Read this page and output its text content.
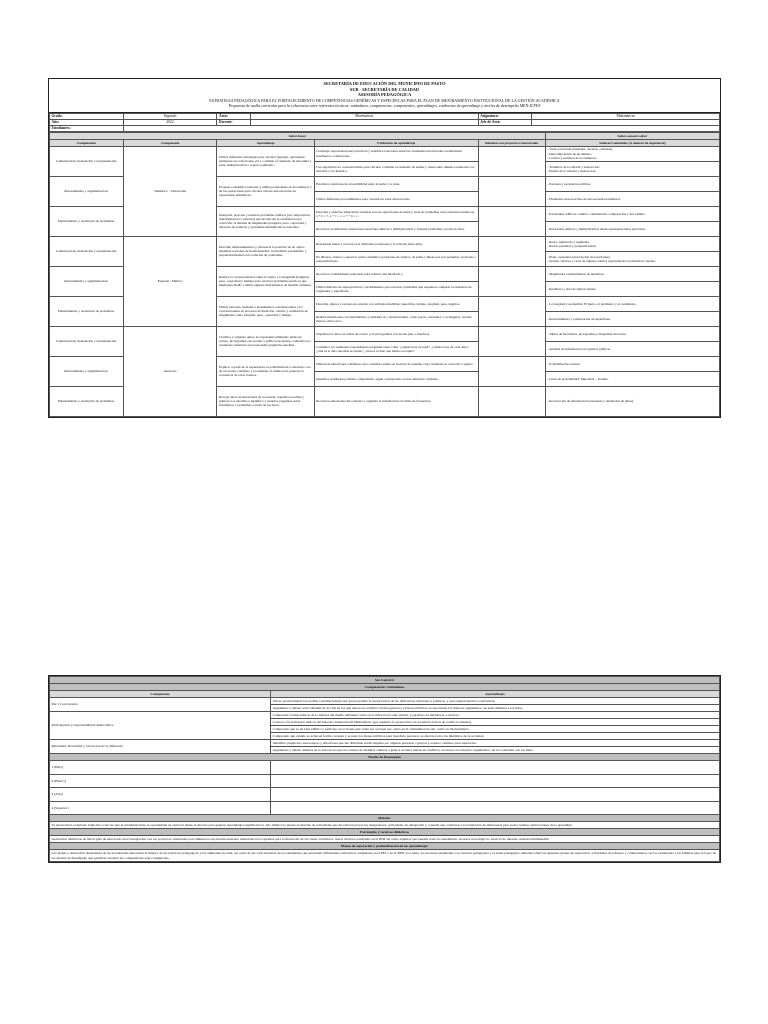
SECRETARÍA DE EDUCACIÓN DEL MUNICIPIO DE PASTO
SUB - SECRETARÍA DE CALIDAD
ASESORÍA PEDAGÓGICA
ESTRATEGIA PEDAGÓGICA PARA EL FORTALECIMIENTO DE COMPETENCIAS GENÉRICAS Y ESPECÍFICAS PARA EL PLAN DE MEJORAMIENTO INSTITUCIONAL DE LA GESTIÓN ACADÉMICA
Propuesta de malla curricular para la coherencia entre referentes técnicos: estándares, competencias, componentes, aprendizajes, evidencias de aprendizaje y niveles de desempeño MEN-ICFES
Grado:	Segundo	Área:	Matemáticas	Asignatura:	Matemáticas
Año:	2022	Docente:		Jefe de Área:	
Estudiantes:					
Saber-hacer					Saber-conocer-saber
Competencia	Componente	Aprendizaje	Evidencias de aprendizaje	Relación con proyectos transversales	Saberes/Contenidos (A manera de sugerencia)
Comunicación, modelación y representación.	Numérico - Variacional	Utiliza diferentes estrategias para calcular (agrupar, representar elementos en colecciones, etc.) o estimar el resultado de una suma y resta, multiplicación o reparto equitativo.	Construye representaciones pictóricas y establece relaciones entre las cantidades involucradas en diferentes fenómenos o situaciones.		- Valor posicional (unidades, decenas, centenas).
- Descomposición de un número.
- Lectura y escritura de los números.
			Usa algoritmos no convencionales para calcular o estimar el resultado de sumas y restas entre números naturales, los describe y los justifica.		- Términos de la adición y sustracción.
- Prueba de la adición y sustracción.
Razonamiento y argumentación.		Propone e identifica patrones y utiliza propiedades de los números y de las operaciones para calcular valores desconocidos en expresiones aritméticas.	Establece relaciones de reversibilidad entre la suma y la resta.		- Patrones y secuencias aditivas.
			Utiliza diferentes procedimientos para calcular un valor desconocido.		- Elementos desconocidos de una secuencia numérica.
Planteamiento y resolución de problemas.		Interpreta, propone y resuelve problemas aditivos (de composición, transformación y relación) que involucren la cantidad en una colección, la medida de magnitudes (longitud, peso, capacidad y duración de eventos) y problemas multiplicativos sencillos.	Describe y resuelve situaciones variadas con las operaciones de suma y resta en problemas cuya estructura puede ser a + b = ?, a + ? = c, o ? + b = c.		- Estructuras aditivas: cambio, combinación, comparación y des cambio.
			Reconoce en diferentes situaciones relaciones aditivas y multiplicativas y formula problemas a partir de ellas.		- Relaciones aditivas y multiplicativas desde representaciones pictóricas.
Comunicación, modelación y representación.	Espacial - Métrico	Describe desplazamientos y referencia la posición de un objeto mediante nociones de horizontalidad, verticalidad, paralelismo y perpendicularidad en la solución de problemas.	Representa líneas y reconoce las diferentes posiciones y la relación entre ellas.		- Recta, semirrecta y segmento.
- Rectas paralelas y perpendiculares
			En dibujos, objetos o espacios reales, identifica posiciones de objetos, de señas o líneas que son paralelas, verticales o perpendiculares.		- Plano cartesiano (descripción de posiciones).
- Aristas, vértices y caras de algunos sólidos representados en material concreto.
Razonamiento y argumentación.		Realiza la correspondencia entre el objeto y la magnitud (longitud, peso, capacidad y tiempo) para resolver problemas prácticos que impliquen medir y utiliza algunos instrumentos de medida comunes.	Reconoce el instrumento adecuado para realizar una medición y		- Magnitudes e instrumentos de medición.
			Utiliza métodos de superposición y recubrimiento para resolver problemas que requieren comparar la extensión de longitudes y superficies.		- Perímetro y área de figuras planas.
Planteamiento y resolución de problemas.		Utiliza patrones, medidas e instrumentos convencionales y no convencionales en procesos de medición, cálculo y estimación de magnitudes como longitud, peso, capacidad y tiempo.	Describe objetos y eventos de acuerdo con atributos medibles: superficie, tiempo, longitud, peso, ángulos.		- La longitud y su medida: El metro, el decímetro y el centímetro.
			Realiza mediciones con instrumentos y unidades no convencionales, como pasos, cuadrados o rectángulos, cuartas, metros, entre otros.		- Recubrimiento y comparación de superficies.
Comunicación, modelación y representación.	Aleatorio	Clasifica y organiza datos, los representa utilizando tablas de conteo, pictogramas con escalas y gráficos de puntos, comunica los resultados obtenidos para responder preguntas sencillas.	Organiza los datos en tablas de conteo y en pictogramas con escala (uno a muchos).		- Tablas de frecuencia, pictogramas y diagramas de barras.
			Comunica los resultados respondiendo preguntas tales como: ¿cuántos hay en total?, ¿cuántos hay de cada dato?, ¿cuál es el dato que más se repite?, ¿cuál es el dato que menos se repite?		- Análisis de información en registros gráficos.
Razonamiento y argumentación.		Explica, a partir de la experiencia, la posibilidad de ocurrencia o no de un evento cotidiano y el resultado lo utiliza para predecir la ocurrencia de otros eventos.	Diferencia situaciones cotidianas cuyo resultado puede ser incierto de aquellas cuyo resultado es conocido o seguro.		- Posibilidad de eventos.
			Identifica resultados posibles o imposibles, según corresponda, en una situación cotidiana.		- Línea de probabilidad: Imposible – Posible.
Planteamiento y resolución de problemas.		Recoge datos de situaciones en la escuela, organiza en tablas y gráficas, los describe e identifica y resuelve preguntas sobre fenómenos y problemas a partir de los datos.	Reconoce situaciones del contexto y organiza la información en tablas de frecuencia.		- Recolección de información (encuestas y tabulación de datos).
Ser-Convivir	
Competencias Ciudadanas	
Componente	Aprendizajes
Paz y Convivencia	Valoro positivamente las normas constitucionales que hacen posible la preservación de las diferencias culturales y políticas, y que regulan nuestra convivencia.
	Argumento y debato sobre dilemas de la vida en los que entran en conflicto el bien general y el bien particular, reconociendo los mejores argumentos, así sean distintos a los míos.
Participación y responsabilidad democrática	Comprendo la importancia de la defensa del medio ambiente, tanto en el nivel local como global, y participo en iniciativas a su favor.
	Conozco los principios básicos del Derecho Internacional Humanitario (por ejemplo, la protección a la sociedad civil en un conflicto armado).
	Comprendo que es un bien público y participo en acciones que velan por su buen uso, tanto en la comunidad escolar, como en mi municipio.
	Comprendo que cuando se actúa en forma corrupta y se usan los bienes públicos para beneficio personal, se afectan todos los miembros de la sociedad.
Pluralidad, diversidad y valoración de la diferencia	Identifico prejuicios, estereotipos y emociones que me dificultan sentir empatía por algunas personas o grupos y exploro caminos para superarlos.
	Argumento y debato dilemas de la vida en los que los valores de distintas culturas o grupos sociales entran en conflicto; reconozco los mejores argumentos, así no coincidan con los míos.
Niveles de Desempeño	
1 (Bajo)	
2 (Básico)	
3 (Alto)	
4 (Superior)	
Método:	
Se desarrollará el método inductivo toda vez que el estudiante tiene la oportunidad de explorar desde el entorno para generar aprendizajes significativos, ello implica la puesta en marcha de actividades que involucren proyectos integradores, actividades de indagación y consulta que conlleven a la realización de inferencias para poder realizar explicaciones de lo aprendido.	
Estrategias y recursos didácticos	
Secuencias didácticas de libros guía de educación rural, integración con los proyectos, materiales para simulacros de pruebas internas, materiales fotocopiables para el desarrollo de las clases, biblioteca, textos diversos existentes en la IEM así como aquellos que puedan traer los estudiantes, recursos tecnológicos, servicio de internet, material multimedial.	
Planes de superación y profundización de los aprendizajes	
Los planes a desarrollar dependerán de las necesidades detectadas al interior de las prácticas pedagógicas y los ambientes de aula, así como de las características de los estudiantes que presenten dificultades conforme lo estipulado en el PEI y en el SIEE, por tanto, los docentes atendiendo a la relación pedagógica y el estilo pedagógico deberán tomar las apuestas, planes de superación, actividades de refuerzo y compromisos con los estudiantes y las familias para el logro de los niveles de desempeño que permitan alcanzar las competencias aquí consignadas.	
